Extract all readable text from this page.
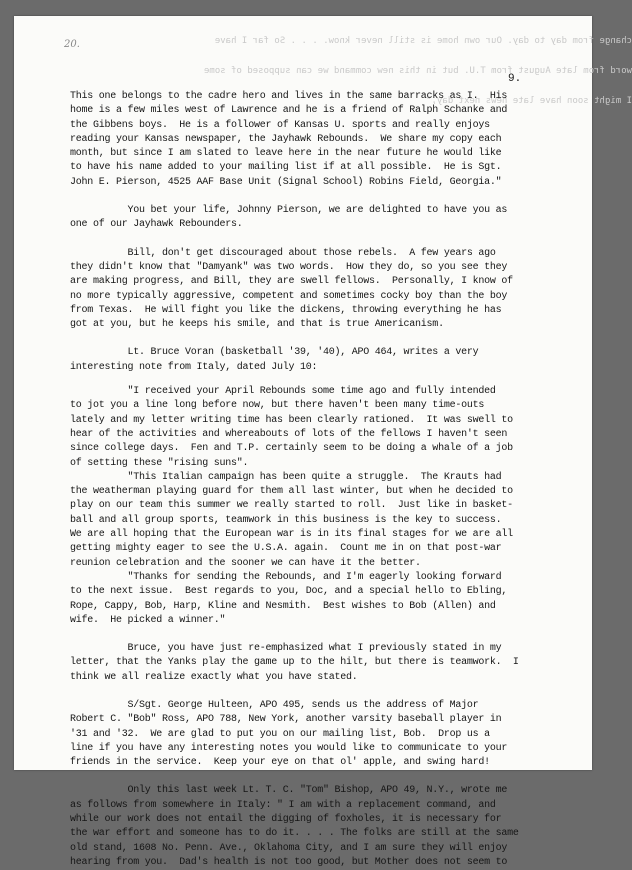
change from day to day. Our own home is still never know. . . . So far I have

word from late August from T.U. but in this new command we can supposed of some

I might soon have late news next day,"

20.
9.
This one belongs to the cadre hero and lives in the same barracks as I.  His
home is a few miles west of Lawrence and he is a friend of Ralph Schanke and
the Gibbens boys.  He is a follower of Kansas U. sports and really enjoys
reading your Kansas newspaper, the Jayhawk Rebounds.  We share my copy each
month, but since I am slated to leave here in the near future he would like
to have his name added to your mailing list if at all possible.  He is Sgt.
John E. Pierson, 4525 AAF Base Unit (Signal School) Robins Field, Georgia."
You bet your life, Johnny Pierson, we are delighted to have you as
one of our Jayhawk Rebounders.
Bill, don't get discouraged about those rebels.  A few years ago
they didn't know that "Damyank" was two words.  How they do, so you see they
are making progress, and Bill, they are swell fellows.  Personally, I know of
no more typically aggressive, competent and sometimes cocky boy than the boy
from Texas.  He will fight you like the dickens, throwing everything he has
got at you, but he keeps his smile, and that is true Americanism.
Lt. Bruce Voran (basketball '39, '40), APO 464, writes a very
interesting note from Italy, dated July 10:
"I received your April Rebounds some time ago and fully intended
to jot you a line long before now, but there haven't been many time-outs
lately and my letter writing time has been clearly rationed.  It was swell to
hear of the activities and whereabouts of lots of the fellows I haven't seen
since college days.  Fen and T.P. certainly seem to be doing a whale of a job
of setting these "rising suns".
"This Italian campaign has been quite a struggle.  The Krauts had
the weatherman playing guard for them all last winter, but when he decided to
play on our team this summer we really started to roll.  Just like in basket-
ball and all group sports, teamwork in this business is the key to success.
We are all hoping that the European war is in its final stages for we are all
getting mighty eager to see the U.S.A. again.  Count me in on that post-war
reunion celebration and the sooner we can have it the better.
"Thanks for sending the Rebounds, and I'm eagerly looking forward
to the next issue.  Best regards to you, Doc, and a special hello to Ebling,
Rope, Cappy, Bob, Harp, Kline and Nesmith.  Best wishes to Bob (Allen) and
wife.  He picked a winner."
Bruce, you have just re-emphasized what I previously stated in my
letter, that the Yanks play the game up to the hilt, but there is teamwork.  I
think we all realize exactly what you have stated.
S/Sgt. George Hulteen, APO 495, sends us the address of Major
Robert C. "Bob" Ross, APO 788, New York, another varsity baseball player in
'31 and '32.  We are glad to put you on our mailing list, Bob.  Drop us a
line if you have any interesting notes you would like to communicate to your
friends in the service.  Keep your eye on that ol' apple, and swing hard!
Only this last week Lt. T. C. "Tom" Bishop, APO 49, N.Y., wrote me
as follows from somewhere in Italy: " I am with a replacement command, and
while our work does not entail the digging of foxholes, it is necessary for
the war effort and someone has to do it. . . . The folks are still at the same
old stand, 1608 No. Penn. Ave., Oklahoma City, and I am sure they will enjoy
hearing from you.  Dad's health is not too good, but Mother does not seem to
